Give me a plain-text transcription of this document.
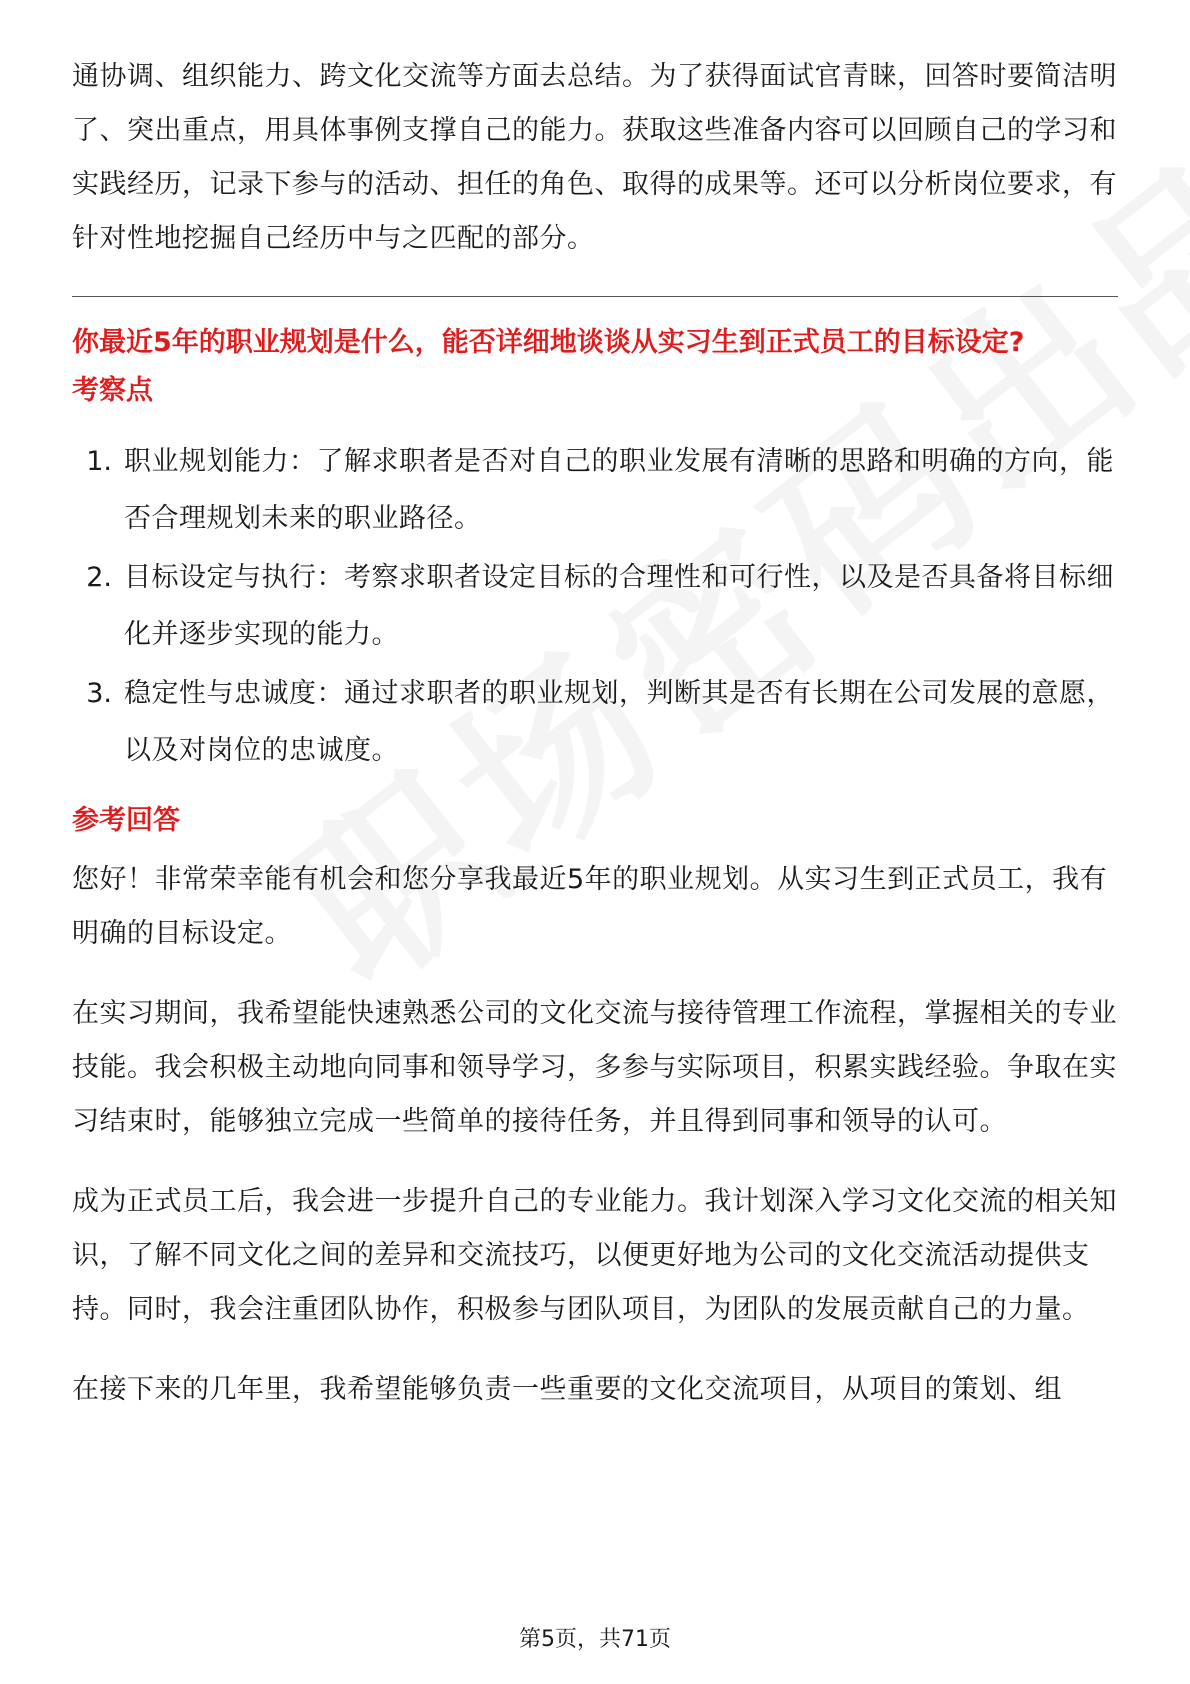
通协调、组织能力、跨文化交流等方面去总结。为了获得面试官青睐，回答时要简洁明了、突出重点，用具体事例支撑自己的能力。获取这些准备内容可以回顾自己的学习和实践经历，记录下参与的活动、担任的角色、取得的成果等。还可以分析岗位要求，有针对性地挖掘自己经历中与之匹配的部分。

你最近5年的职业规划是什么，能否详细地谈谈从实习生到正式员工的目标设定?
考察点
1. 职业规划能力：了解求职者是否对自己的职业发展有清晰的思路和明确的方向，能否合理规划未来的职业路径。
2. 目标设定与执行：考察求职者设定目标的合理性和可行性，以及是否具备将目标细化并逐步实现的能力。
3. 稳定性与忠诚度：通过求职者的职业规划，判断其是否有长期在公司发展的意愿，以及对岗位的忠诚度。
参考回答

您好！非常荣幸能有机会和您分享我最近5年的职业规划。从实习生到正式员工，我有明确的目标设定。

在实习期间，我希望能快速熟悉公司的文化交流与接待管理工作流程，掌握相关的专业技能。我会积极主动地向同事和领导学习，多参与实际项目，积累实践经验。争取在实习结束时，能够独立完成一些简单的接待任务，并且得到同事和领导的认可。

成为正式员工后，我会进一步提升自己的专业能力。我计划深入学习文化交流的相关知识，了解不同文化之间的差异和交流技巧，以便更好地为公司的文化交流活动提供支持。同时，我会注重团队协作，积极参与团队项目，为团队的发展贡献自己的力量。

在接下来的几年里，我希望能够负责一些重要的文化交流项目，从项目的策划、组

第5页，共71页
